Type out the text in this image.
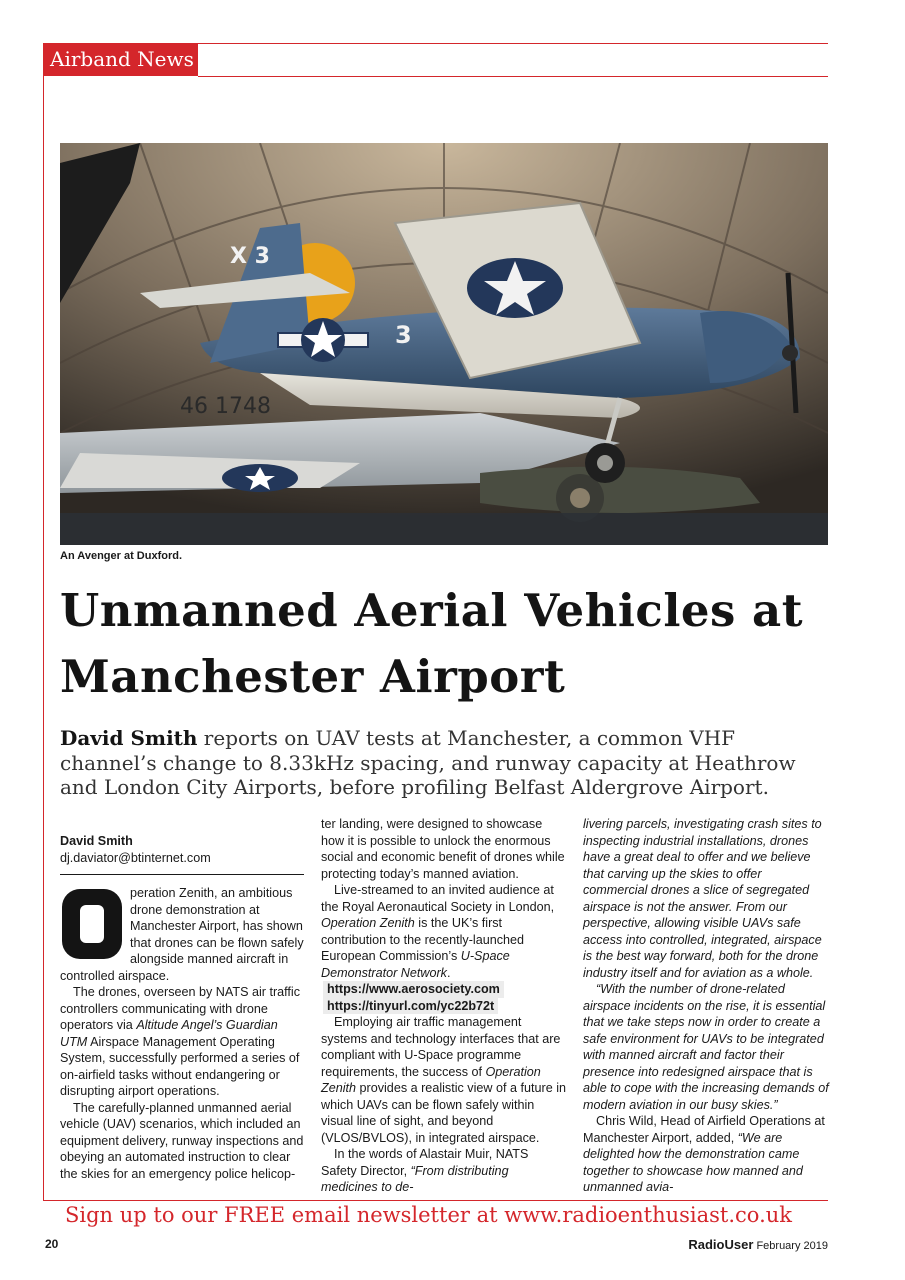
Airband News
46 1748
X 3
3
An Avenger at Duxford.
Unmanned Aerial Vehicles at
Manchester Airport
David Smith reports on UAV tests at Manchester, a common VHF channel’s change to 8.33kHz spacing, and runway capacity at Heathrow and London City Airports, before profiling Belfast Aldergrove Airport.
David Smith
dj.daviator@btinternet.com
O	peration Zenith, an ambitious drone demonstration at Manchester Airport, has shown that drones can be flown safely alongside manned aircraft in controlled airspace.

The drones, overseen by NATS air traffic controllers communicating with drone operators via Altitude Angel’s Guardian UTM Airspace Management Operating System, successfully performed a series of on-airfield tasks without endangering or disrupting airport operations.

The carefully-planned unmanned aerial vehicle (UAV) scenarios, which included an equipment delivery, runway inspections and obeying an automated instruction to clear the skies for an emergency police helicop-

ter landing, were designed to showcase how it is possible to unlock the enormous social and economic benefit of drones while protecting today’s manned aviation.

Live-streamed to an invited audience at the Royal Aeronautical Society in London, Operation Zenith is the UK’s first contribution to the recently-launched European Commission’s U-Space Demonstrator Network.

https://www.aerosociety.com
https://tinyurl.com/yc22b72t

Employing air traffic management systems and technology interfaces that are compliant with U-Space programme requirements, the success of Operation Zenith provides a realistic view of a future in which UAVs can be flown safely within visual line of sight, and beyond (VLOS/BVLOS), in integrated airspace.

In the words of Alastair Muir, NATS Safety Director, “From distributing medicines to de-

livering parcels, investigating crash sites to inspecting industrial installations, drones have a great deal to offer and we believe that carving up the skies to offer commercial drones a slice of segregated airspace is not the answer. From our perspective, allowing visible UAVs safe access into controlled, integrated, airspace is the best way forward, both for the drone industry itself and for aviation as a whole.

“With the number of drone-related airspace incidents on the rise, it is essential that we take steps now in order to create a safe environment for UAVs to be integrated with manned aircraft and factor their presence into redesigned airspace that is able to cope with the increasing demands of modern aviation in our busy skies.”

Chris Wild, Head of Airfield Operations at Manchester Airport, added, “We are delighted how the demonstration came together to showcase how manned and unmanned avia-

Sign up to our FREE email newsletter at www.radioenthusiast.co.uk
20	RadioUser February 2019
